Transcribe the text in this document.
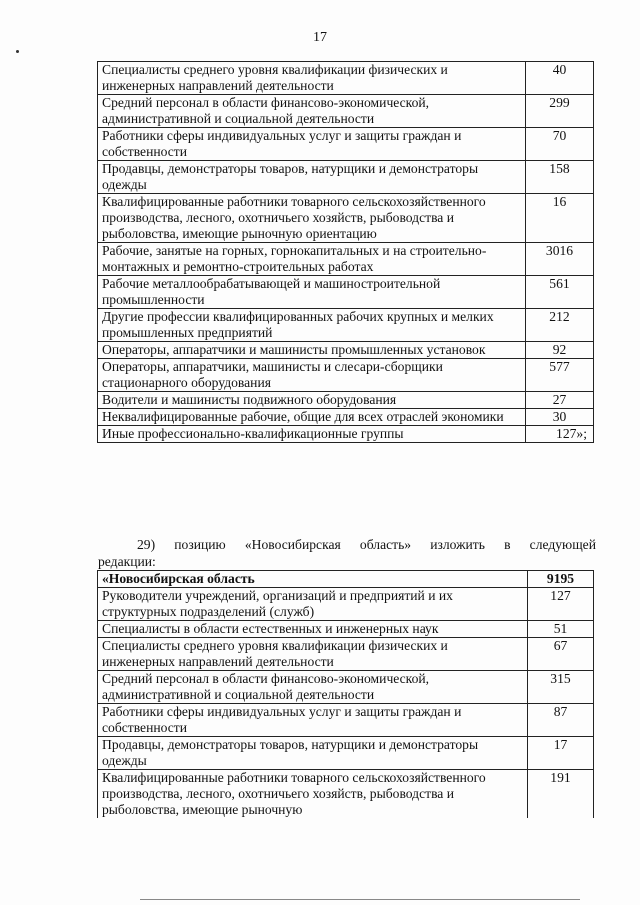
17
Специалисты среднего уровня квалификации физических и инженерных направлений деятельности	40
Средний персонал в области финансово-экономической, административной и социальной деятельности	299
Работники сферы индивидуальных услуг и защиты граждан и собственности	70
Продавцы, демонстраторы товаров, натурщики и демонстраторы одежды	158
Квалифицированные работники товарного сельскохозяйственного производства, лесного, охотничьего хозяйств, рыбоводства и рыболовства, имеющие рыночную ориентацию	16
Рабочие, занятые на горных, горнокапитальных и на строительно-монтажных и ремонтно-строительных работах	3016
Рабочие металлообрабатывающей и машиностроительной промышленности	561
Другие профессии квалифицированных рабочих крупных и мелких промышленных предприятий	212
Операторы, аппаратчики и машинисты промышленных установок	92
Операторы, аппаратчики, машинисты и слесари-сборщики стационарного оборудования	577
Водители и машинисты подвижного оборудования	27
Неквалифицированные рабочие, общие для всех отраслей экономики	30
Иные профессионально-квалификационные группы	127»;
29) позицию «Новосибирская область» изложить в следующей
редакции:
«Новосибирская область	9195
Руководители учреждений, организаций и предприятий и их структурных подразделений (служб)	127
Специалисты в области естественных и инженерных наук	51
Специалисты среднего уровня квалификации физических и инженерных направлений деятельности	67
Средний персонал в области финансово-экономической, административной и социальной деятельности	315
Работники сферы индивидуальных услуг и защиты граждан и собственности	87
Продавцы, демонстраторы товаров, натурщики и демонстраторы одежды	17
Квалифицированные работники товарного сельскохозяйственного производства, лесного, охотничьего хозяйств, рыбоводства и рыболовства, имеющие рыночную	191
